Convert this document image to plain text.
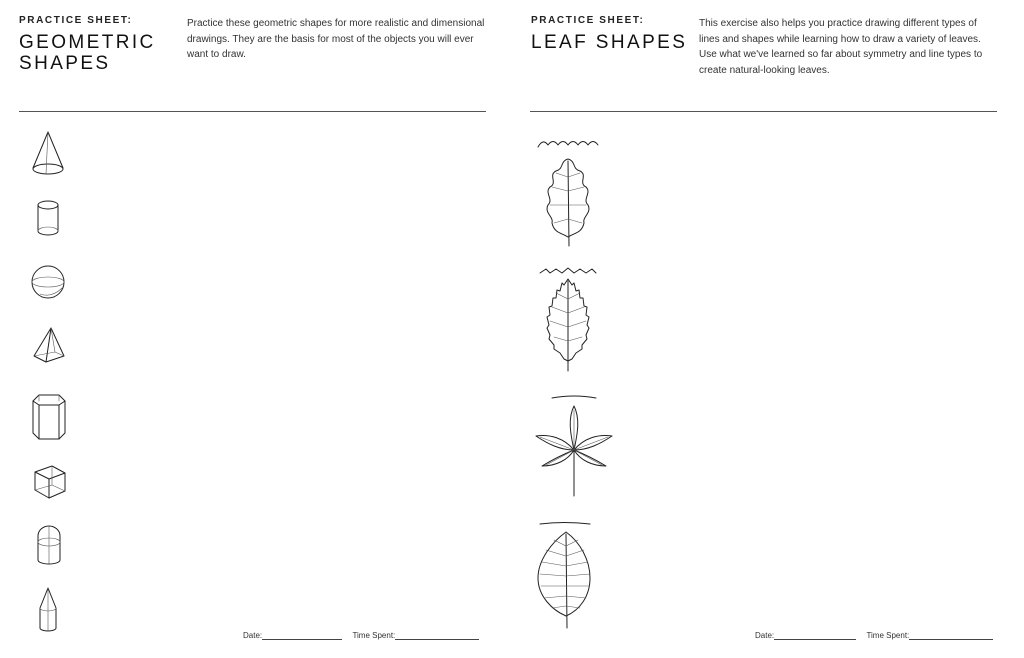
PRACTICE SHEET:
GEOMETRIC
SHAPES

Practice these geometric shapes for more realistic and dimensional drawings. They are the basis for most of the objects you will ever want to draw.

Date:	Time Spent:
PRACTICE SHEET:
LEAF SHAPES

This exercise also helps you practice drawing different types of lines and shapes while learning how to draw a variety of leaves. Use what we've learned so far about symmetry and line types to create natural-looking leaves.

Date:	Time Spent:
